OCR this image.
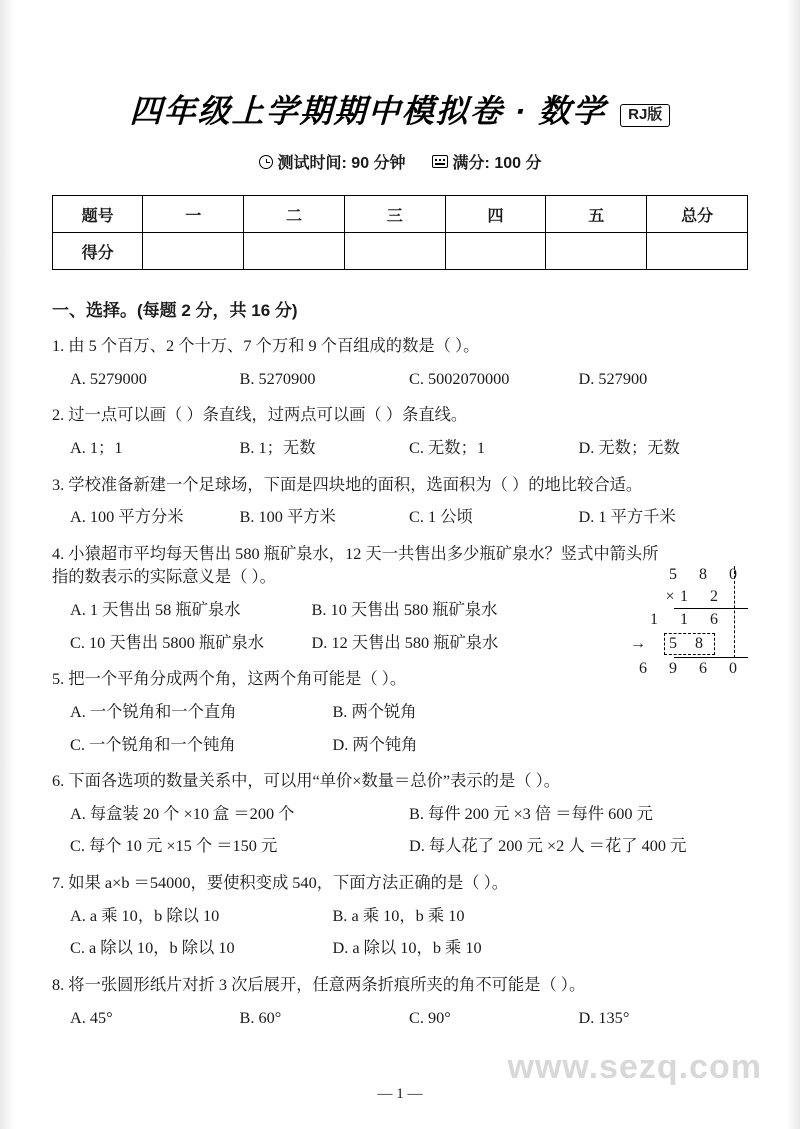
四年级上学期期中模拟卷 · 数学	RJ版
测试时间: 90 分钟	满分: 100 分
题号	一	二	三	四	五	总分
得分						
一、选择。(每题 2 分，共 16 分)
1. 由 5 个百万、2 个十万、7 个万和 9 个百组成的数是（ ）。
A. 5279000	B. 5270900	C. 5002070000	D. 527900
2. 过一点可以画（ ）条直线，过两点可以画（ ）条直线。
A. 1；1	B. 1；无数	C. 无数；1	D. 无数；无数
3. 学校准备新建一个足球场，下面是四块地的面积，选面积为（ ）的地比较合适。
A. 100 平方分米	B. 100 平方米	C. 1 公顷	D. 1 平方千米
4. 小猿超市平均每天售出 580 瓶矿泉水，12 天一共售出多少瓶矿泉水？竖式中箭头所指的数表示的实际意义是（ ）。
A. 1 天售出 58 瓶矿泉水	B. 10 天售出 580 瓶矿泉水
C. 10 天售出 5800 瓶矿泉水	D. 12 天售出 580 瓶矿泉水
5 8 0
× 1 2
1 1 6
→	5 8
6 9 6 0
5. 把一个平角分成两个角，这两个角可能是（ ）。
A. 一个锐角和一个直角	B. 两个锐角
C. 一个锐角和一个钝角	D. 两个钝角
6. 下面各选项的数量关系中，可以用“单价×数量＝总价”表示的是（ ）。
A. 每盒装 20 个 ×10 盒 ＝200 个	B. 每件 200 元 ×3 倍 ＝每件 600 元
C. 每个 10 元 ×15 个 ＝150 元	D. 每人花了 200 元 ×2 人 ＝花了 400 元
7. 如果 a×b ＝54000，要使积变成 540，下面方法正确的是（ ）。
A. a 乘 10，b 除以 10	B. a 乘 10，b 乘 10
C. a 除以 10，b 除以 10	D. a 除以 10，b 乘 10
8. 将一张圆形纸片对折 3 次后展开，任意两条折痕所夹的角不可能是（ ）。
A. 45°	B. 60°	C. 90°	D. 135°
— 1 —
www.sezq.com
